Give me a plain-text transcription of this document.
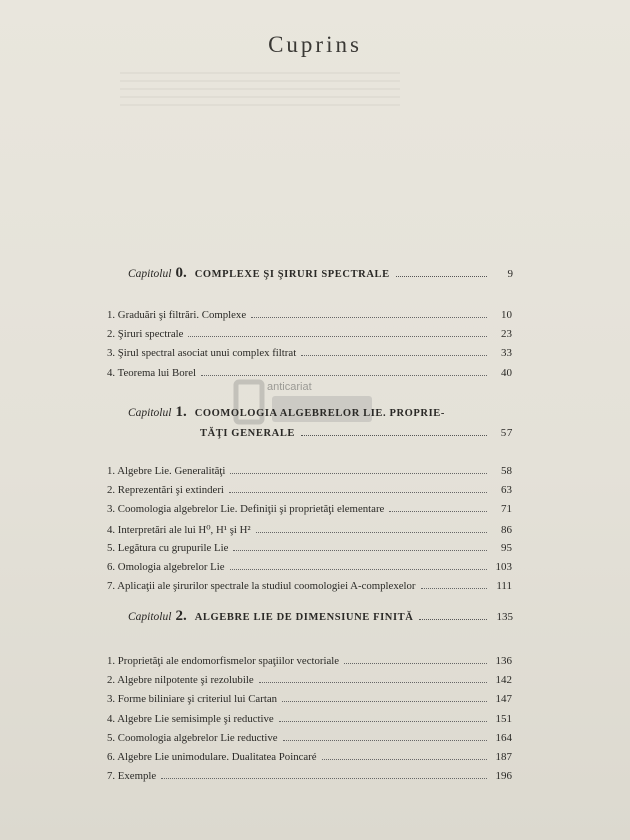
Cuprins
Capitolul 0. COMPLEXE ŞI ŞIRURI SPECTRALE	9
1. Graduări şi filtrări. Complexe	10
2. Şiruri spectrale	23
3. Şirul spectral asociat unui complex filtrat	33
4. Teorema lui Borel	40
anticariat
Capitolul 1. COOMOLOGIA ALGEBRELOR LIE. PROPRIE-
TĂŢI GENERALE	57
1. Algebre Lie. Generalităţi	58
2. Reprezentări şi extinderi	63
3. Coomologia algebrelor Lie. Definiţii şi proprietăţi elementare	71
4. Interpretări ale lui H⁰, H¹ şi H²	86
5. Legătura cu grupurile Lie	95
6. Omologia algebrelor Lie	103
7. Aplicaţii ale şirurilor spectrale la studiul coomologiei A-complexelor	111
Capitolul 2. ALGEBRE LIE DE DIMENSIUNE FINITĂ	135
1. Proprietăţi ale endomorfismelor spaţiilor vectoriale	136
2. Algebre nilpotente şi rezolubile	142
3. Forme biliniare şi criteriul lui Cartan	147
4. Algebre Lie semisimple şi reductive	151
5. Coomologia algebrelor Lie reductive	164
6. Algebre Lie unimodulare. Dualitatea Poincaré	187
7. Exemple	196
